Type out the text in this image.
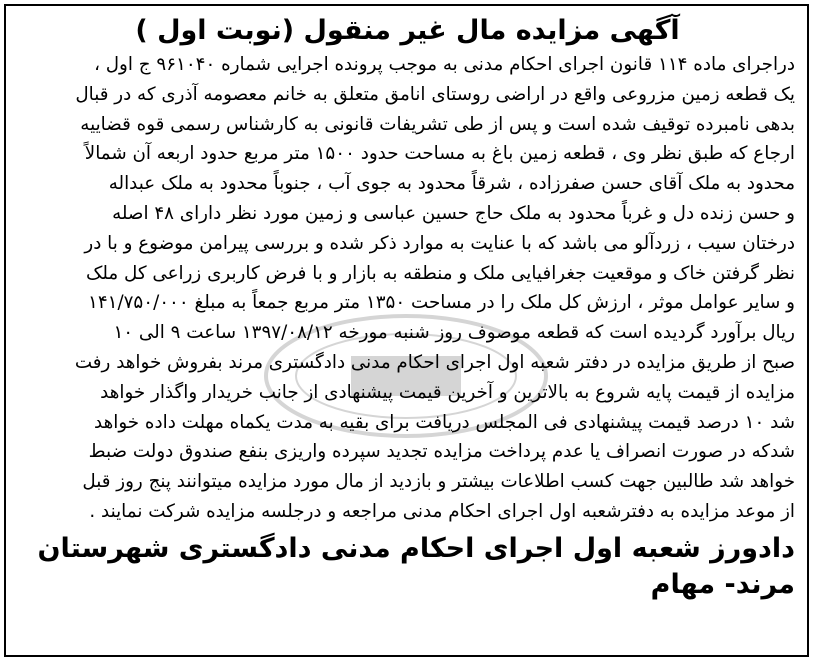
آگهی مزایده مال غیر منقول (نوبت اول )
دراجرای ماده ۱۱۴ قانون اجرای احکام مدنی به موجب پرونده اجرایی شماره ۹۶۱۰۴۰ ج اول ،
یک قطعه زمین مزروعی واقع در اراضی روستای انامق متعلق به خانم معصومه آذری که در قبال
بدهی نامبرده توقیف شده است و پس از طی تشریفات قانونی به کارشناس رسمی قوه قضاییه
ارجاع که طبق نظر وی ، قطعه زمین باغ به مساحت حدود ۱۵۰۰ متر مربع حدود اربعه آن شمالاً
محدود به ملک آقای حسن صفرزاده ، شرقاً محدود به جوی آب ، جنوباً محدود به ملک عبداله
و حسن زنده دل و غرباً محدود به ملک حاج حسین عباسی و زمین مورد نظر دارای ۴۸ اصله
درختان سیب ، زردآلو می باشد که با عنایت به موارد ذکر شده و بررسی پیرامن موضوع و با در
نظر گرفتن خاک و موقعیت جغرافیایی ملک و منطقه به بازار و با فرض کاربری زراعی کل ملک
و سایر عوامل موثر ، ارزش کل ملک را در مساحت ۱۳۵۰ متر مربع جمعاً به مبلغ ۱۴۱/۷۵۰/۰۰۰
ریال برآورد گردیده است که قطعه موصوف روز شنبه مورخه ۱۳۹۷/۰۸/۱۲ ساعت ۹ الی ۱۰
صبح از طریق مزایده در دفتر شعبه اول اجرای احکام مدنی دادگستری مرند بفروش خواهد رفت
مزایده از قیمت پایه شروع به بالاترین و آخرین قیمت پیشنهادی از جانب خریدار واگذار خواهد
شد ۱۰ درصد قیمت پیشنهادی فی المجلس دریافت برای بقیه به مدت یکماه مهلت داده خواهد
شدکه در صورت انصراف یا عدم پرداخت مزایده تجدید سپرده واریزی بنفع صندوق دولت ضبط
خواهد شد طالبین جهت کسب اطلاعات بیشتر و بازدید از مال مورد مزایده میتوانند پنج روز قبل
از موعد مزایده به دفترشعبه اول اجرای احکام مدنی مراجعه و درجلسه مزایده شرکت نمایند .

دادورز شعبه اول اجرای احکام مدنی دادگستری شهرستان مرند- مهام
